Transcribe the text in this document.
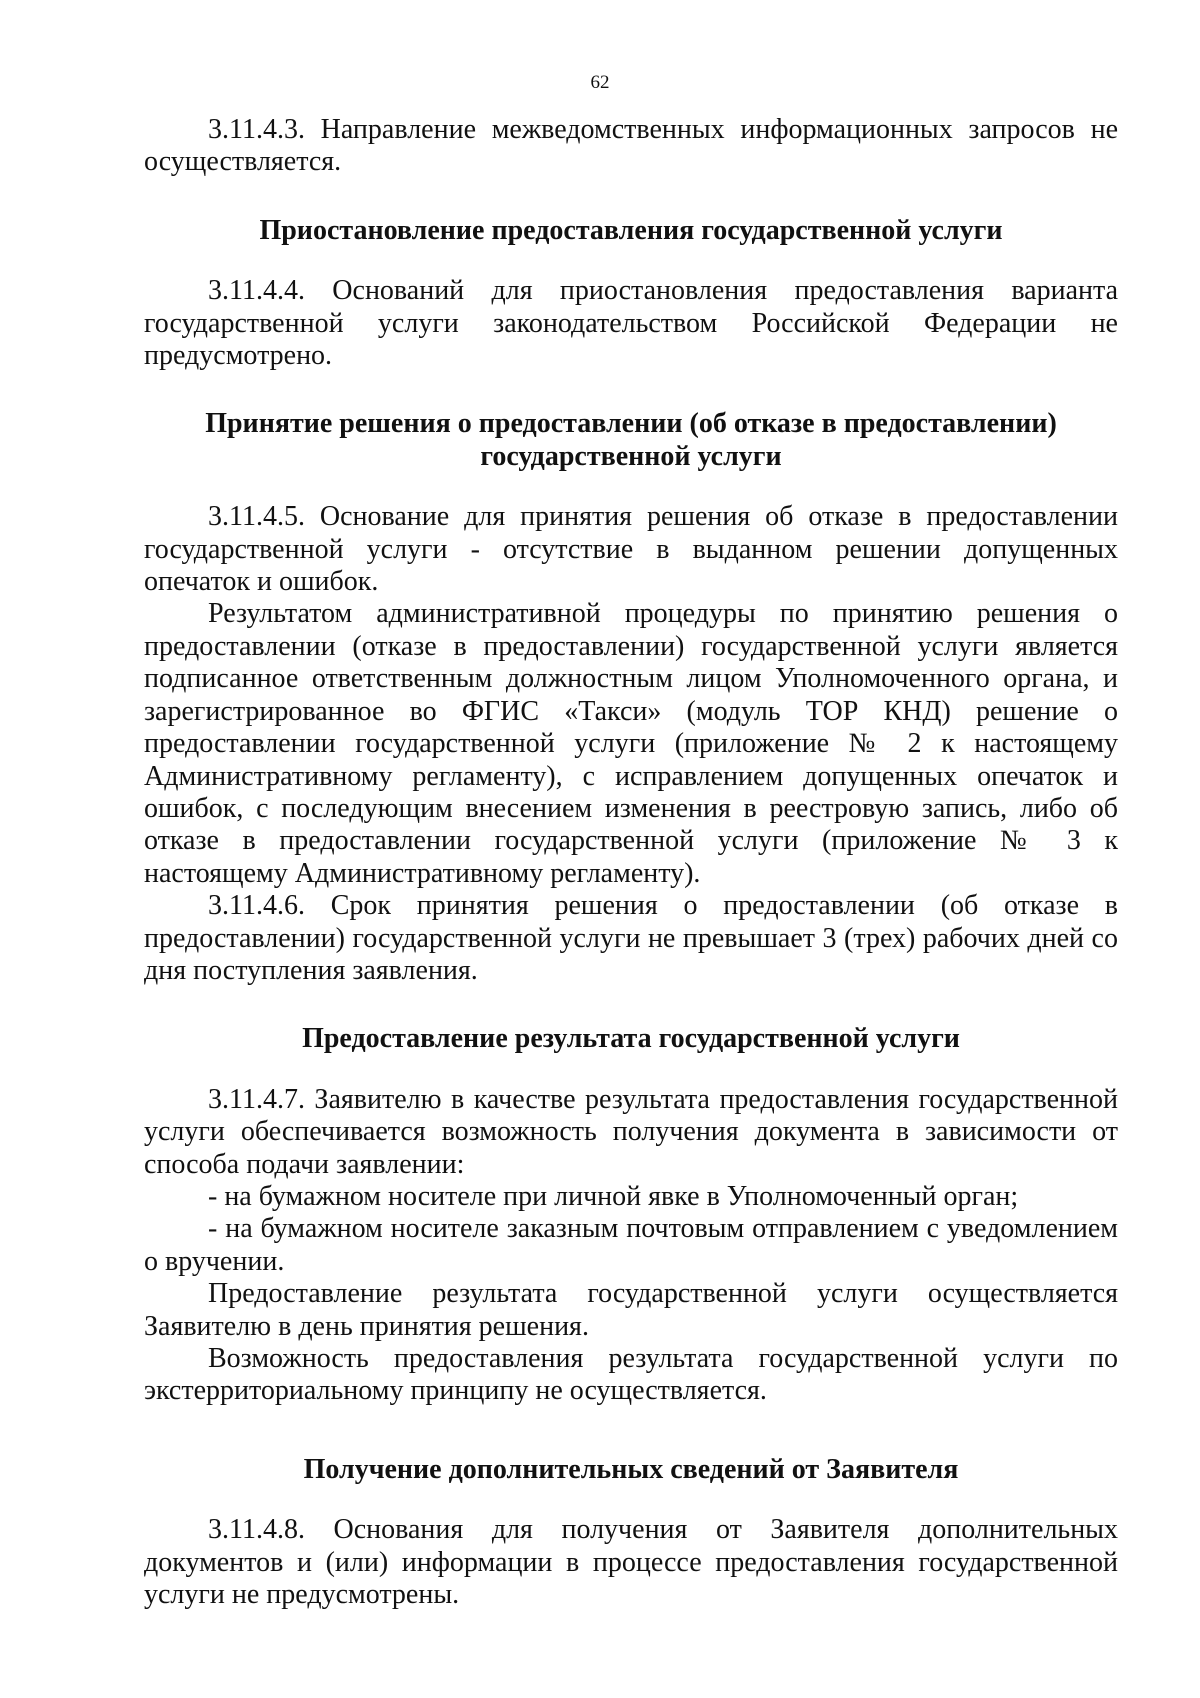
62

3.11.4.3. Направление межведомственных информационных запросов не осуществляется.

Приостановление предоставления государственной услуги

3.11.4.4. Оснований для приостановления предоставления варианта государственной услуги законодательством Российской Федерации не предусмотрено.

Принятие решения о предоставлении (об отказе в предоставлении)
государственной услуги

3.11.4.5. Основание для принятия решения об отказе в предоставлении государственной услуги - отсутствие в выданном решении допущенных опечаток и ошибок.

Результатом административной процедуры по принятию решения о предоставлении (отказе в предоставлении) государственной услуги является подписанное ответственным должностным лицом Уполномоченного органа, и зарегистрированное во ФГИС «Такси» (модуль ТОР КНД) решение о предоставлении государственной услуги (приложение № 2 к настоящему Административному регламенту), с исправлением допущенных опечаток и ошибок, с последующим внесением изменения в реестровую запись, либо об отказе в предоставлении государственной услуги (приложение № 3 к настоящему Административному регламенту).

3.11.4.6. Срок принятия решения о предоставлении (об отказе в предоставлении) государственной услуги не превышает 3 (трех) рабочих дней со дня поступления заявления.

Предоставление результата государственной услуги

3.11.4.7. Заявителю в качестве результата предоставления государственной услуги обеспечивается возможность получения документа в зависимости от способа подачи заявлении:

- на бумажном носителе при личной явке в Уполномоченный орган;

- на бумажном носителе заказным почтовым отправлением с уведомлением о вручении.

Предоставление результата государственной услуги осуществляется Заявителю в день принятия решения.

Возможность предоставления результата государственной услуги по экстерриториальному принципу не осуществляется.

Получение дополнительных сведений от Заявителя

3.11.4.8. Основания для получения от Заявителя дополнительных документов и (или) информации в процессе предоставления государственной услуги не предусмотрены.
